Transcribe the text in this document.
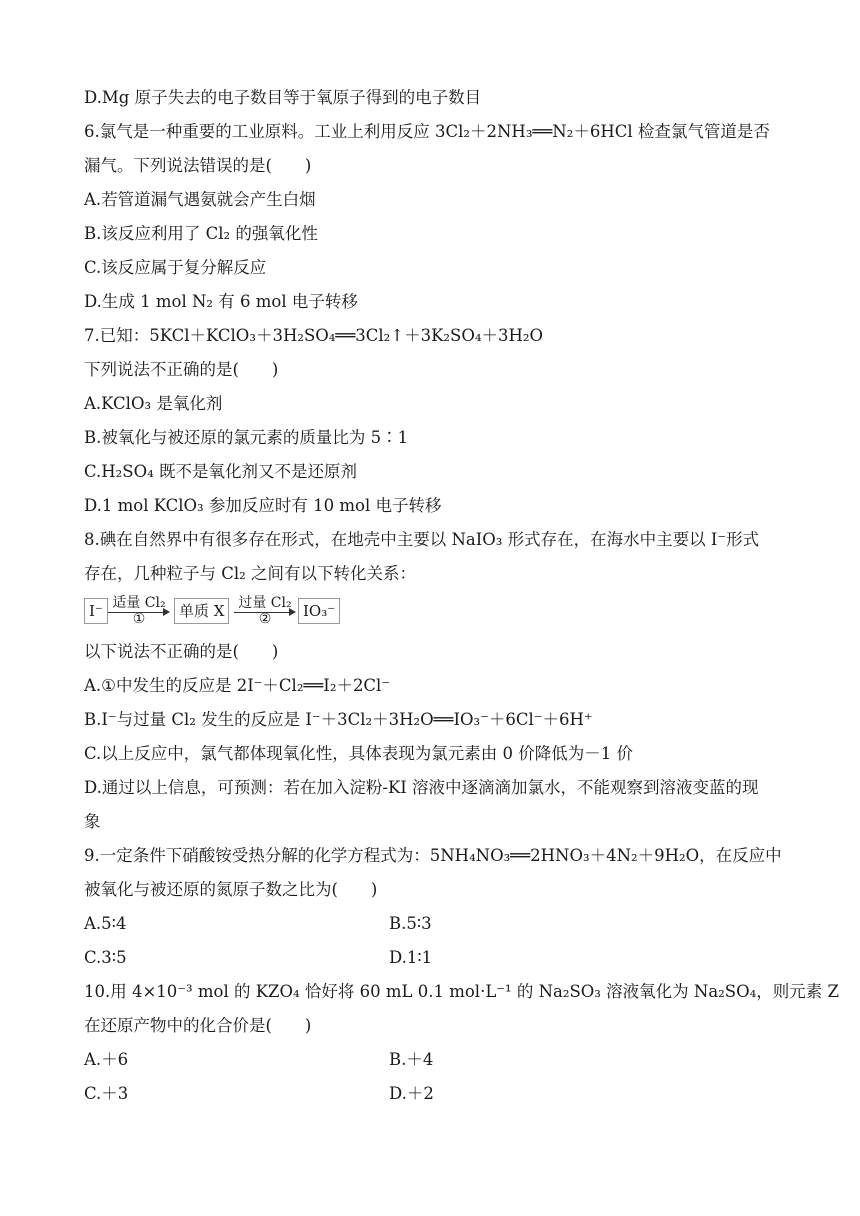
D.Mg 原子失去的电子数目等于氧原子得到的电子数目
6.氯气是一种重要的工业原料。工业上利用反应 3Cl₂＋2NH₃══N₂＋6HCl 检查氯气管道是否
漏气。下列说法错误的是(　　)
A.若管道漏气遇氨就会产生白烟
B.该反应利用了 Cl₂ 的强氧化性
C.该反应属于复分解反应
D.生成 1 mol N₂ 有 6 mol 电子转移
7.已知：5KCl＋KClO₃＋3H₂SO₄══3Cl₂↑＋3K₂SO₄＋3H₂O
下列说法不正确的是(　　)
A.KClO₃ 是氧化剂
B.被氧化与被还原的氯元素的质量比为 5∶1
C.H₂SO₄ 既不是氧化剂又不是还原剂
D.1 mol KClO₃ 参加反应时有 10 mol 电子转移
8.碘在自然界中有很多存在形式，在地壳中主要以 NaIO₃ 形式存在，在海水中主要以 I⁻形式
存在，几种粒子与 Cl₂ 之间有以下转化关系：
I⁻ 适量 Cl₂
①	单质 X 过量 Cl₂
②	IO₃⁻
以下说法不正确的是(　　)
A.①中发生的反应是 2I⁻＋Cl₂══I₂＋2Cl⁻
B.I⁻与过量 Cl₂ 发生的反应是 I⁻＋3Cl₂＋3H₂O══IO₃⁻＋6Cl⁻＋6H⁺
C.以上反应中，氯气都体现氧化性，具体表现为氯元素由 0 价降低为－1 价
D.通过以上信息，可预测：若在加入淀粉-KI 溶液中逐滴滴加氯水，不能观察到溶液变蓝的现
象
9.一定条件下硝酸铵受热分解的化学方程式为：5NH₄NO₃══2HNO₃＋4N₂＋9H₂O，在反应中
被氧化与被还原的氮原子数之比为(　　)
A.5∶4	B.5∶3
C.3∶5	D.1∶1
10.用 4×10⁻³ mol 的 KZO₄ 恰好将 60 mL 0.1 mol·L⁻¹ 的 Na₂SO₃ 溶液氧化为 Na₂SO₄，则元素 Z
在还原产物中的化合价是(　　)
A.＋6	B.＋4
C.＋3	D.＋2
